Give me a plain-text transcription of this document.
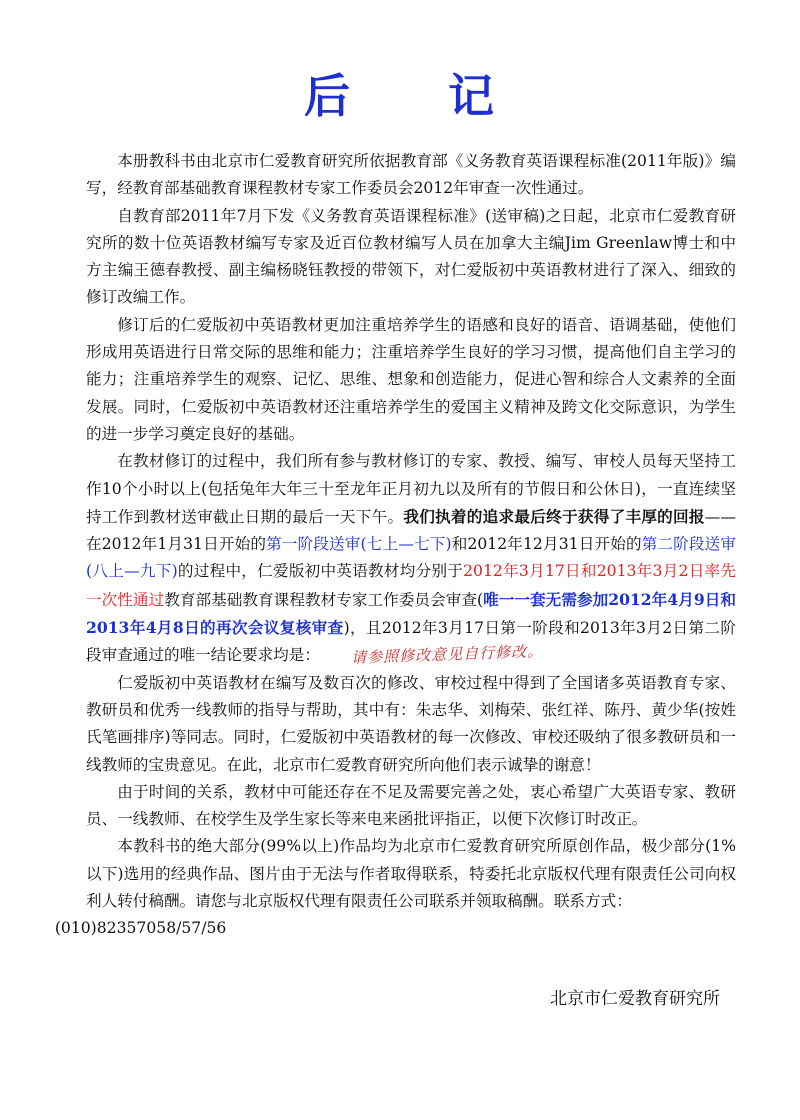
后 记

本册教科书由北京市仁爱教育研究所依据教育部《义务教育英语课程标准(2011年版)》编写，经教育部基础教育课程教材专家工作委员会2012年审查一次性通过。

自教育部2011年7月下发《义务教育英语课程标准》(送审稿)之日起，北京市仁爱教育研究所的数十位英语教材编写专家及近百位教材编写人员在加拿大主编Jim Greenlaw博士和中方主编王德春教授、副主编杨晓钰教授的带领下，对仁爱版初中英语教材进行了深入、细致的修订改编工作。

修订后的仁爱版初中英语教材更加注重培养学生的语感和良好的语音、语调基础，使他们形成用英语进行日常交际的思维和能力；注重培养学生良好的学习习惯，提高他们自主学习的能力；注重培养学生的观察、记忆、思维、想象和创造能力，促进心智和综合人文素养的全面发展。同时，仁爱版初中英语教材还注重培养学生的爱国主义精神及跨文化交际意识，为学生的进一步学习奠定良好的基础。

在教材修订的过程中，我们所有参与教材修订的专家、教授、编写、审校人员每天坚持工作10个小时以上(包括兔年大年三十至龙年正月初九以及所有的节假日和公休日)，一直连续坚持工作到教材送审截止日期的最后一天下午。我们执着的追求最后终于获得了丰厚的回报——在2012年1月31日开始的第一阶段送审(七上—七下)和2012年12月31日开始的第二阶段送审(八上—九下)的过程中，仁爱版初中英语教材均分别于2012年3月17日和2013年3月2日率先一次性通过教育部基础教育课程教材专家工作委员会审查(唯一一套无需参加2012年4月9日和2013年4月8日的再次会议复核审查)，且2012年3月17日第一阶段和2013年3月2日第二阶段审查通过的唯一结论要求均是： 请参照修改意见自行修改。

仁爱版初中英语教材在编写及数百次的修改、审校过程中得到了全国诸多英语教育专家、教研员和优秀一线教师的指导与帮助，其中有：朱志华、刘梅荣、张红祥、陈丹、黄少华(按姓氏笔画排序)等同志。同时，仁爱版初中英语教材的每一次修改、审校还吸纳了很多教研员和一线教师的宝贵意见。在此，北京市仁爱教育研究所向他们表示诚挚的谢意！

由于时间的关系，教材中可能还存在不足及需要完善之处，衷心希望广大英语专家、教研员、一线教师、在校学生及学生家长等来电来函批评指正，以便下次修订时改正。

本教科书的绝大部分(99%以上)作品均为北京市仁爱教育研究所原创作品，极少部分(1%以下)选用的经典作品、图片由于无法与作者取得联系，特委托北京版权代理有限责任公司向权利人转付稿酬。请您与北京版权代理有限责任公司联系并领取稿酬。联系方式：
(010)82357058/57/56

北京市仁爱教育研究所
